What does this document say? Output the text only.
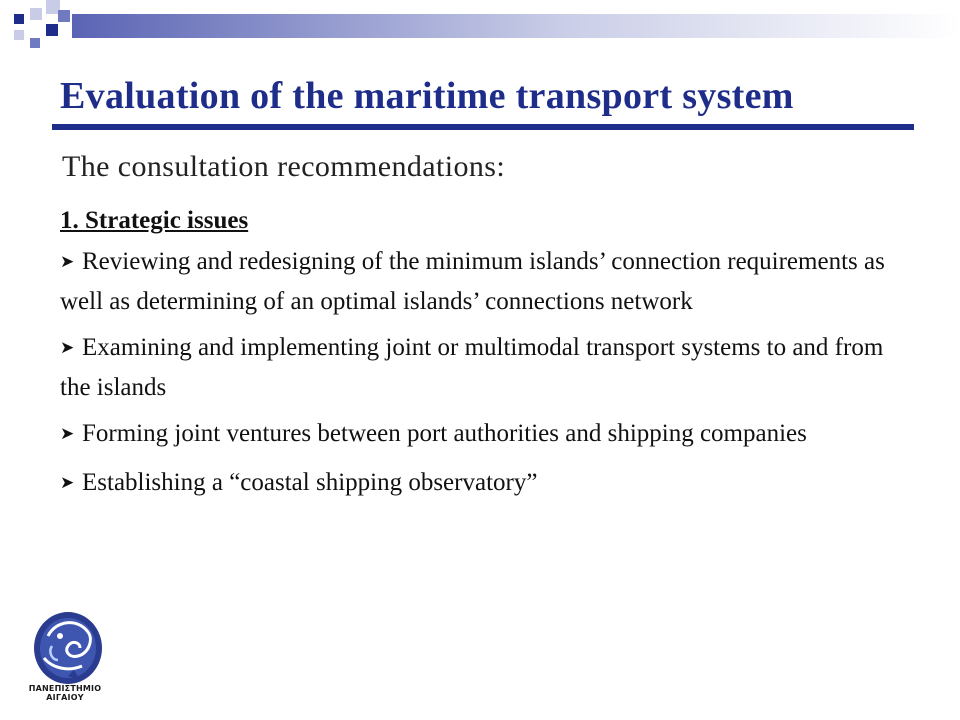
Evaluation of the maritime transport system
The consultation recommendations:
1. Strategic issues
➤ Reviewing and redesigning of the minimum islands’ connection requirements as well as determining of an optimal islands’ connections network
➤ Examining and implementing joint or multimodal transport systems to and from the islands
➤ Forming joint ventures between port authorities and shipping companies
➤ Establishing a “coastal shipping observatory”
ΠΑΝΕΠΙΣΤΗΜΙΟ ΑΙΓΑΙΟΥ
